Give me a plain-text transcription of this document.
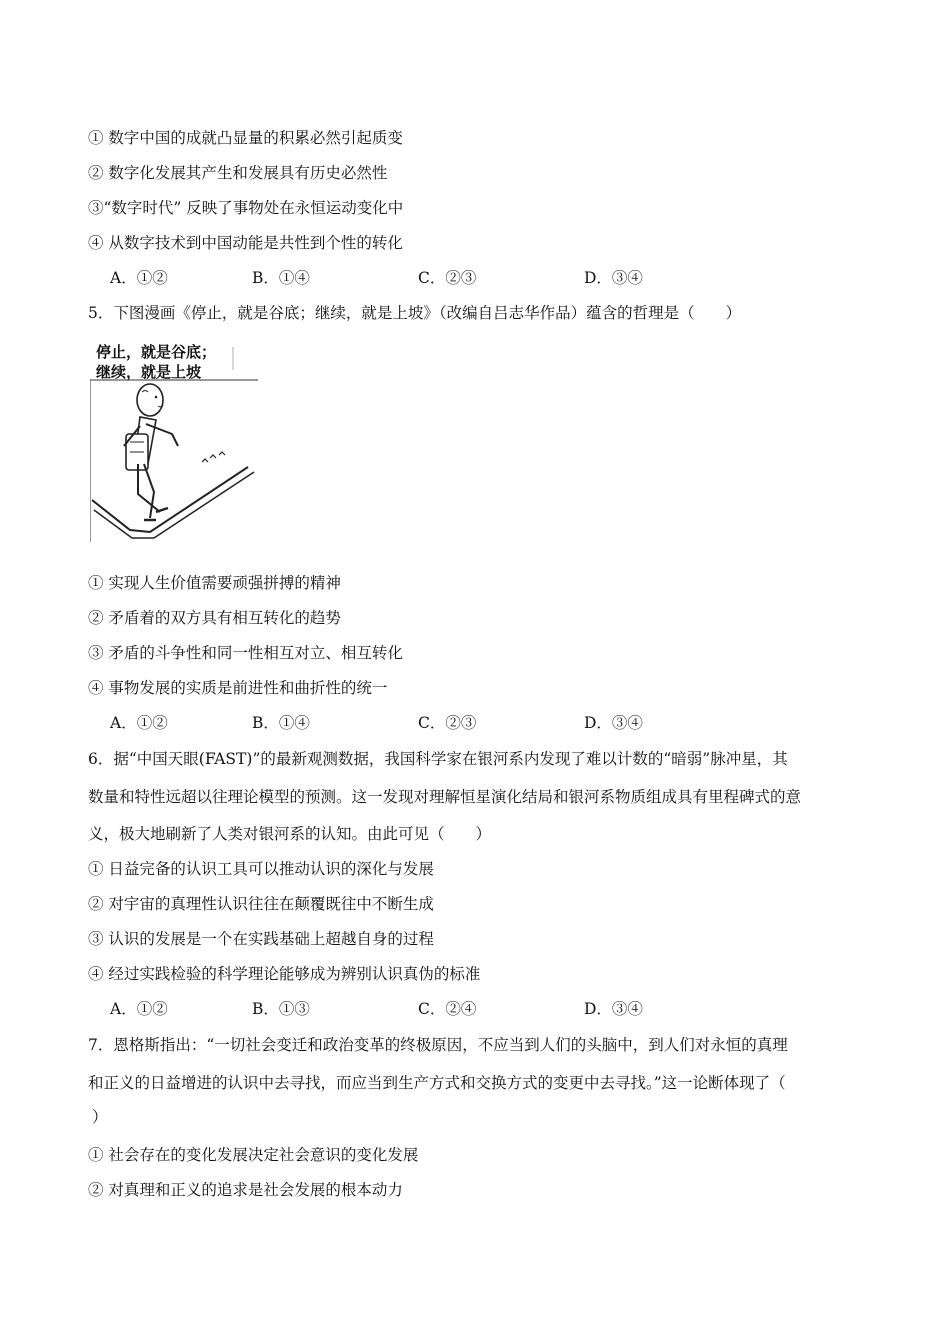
① 数字中国的成就凸显量的积累必然引起质变
② 数字化发展其产生和发展具有历史必然性
③“数字时代” 反映了事物处在永恒运动变化中
④ 从数字技术到中国动能是共性到个性的转化
A．①②	B．①④	C．②③	D．③④
5．下图漫画《停止，就是谷底；继续，就是上坡》（改编自吕志华作品）蕴含的哲理是（　　）
停止，就是谷底；
继续，就是上坡
① 实现人生价值需要顽强拼搏的精神
② 矛盾着的双方具有相互转化的趋势
③ 矛盾的斗争性和同一性相互对立、相互转化
④ 事物发展的实质是前进性和曲折性的统一
A．①②	B．①④	C．②③	D．③④
6．据“中国天眼(FAST)”的最新观测数据，我国科学家在银河系内发现了难以计数的“暗弱”脉冲星，其
数量和特性远超以往理论模型的预测。这一发现对理解恒星演化结局和银河系物质组成具有里程碑式的意
义，极大地刷新了人类对银河系的认知。由此可见（　　）
① 日益完备的认识工具可以推动认识的深化与发展
② 对宇宙的真理性认识往往在颠覆既往中不断生成
③ 认识的发展是一个在实践基础上超越自身的过程
④ 经过实践检验的科学理论能够成为辨别认识真伪的标准
A．①②	B．①③	C．②④	D．③④
7．恩格斯指出：“一切社会变迁和政治变革的终极原因，不应当到人们的头脑中，到人们对永恒的真理
和正义的日益增进的认识中去寻找，而应当到生产方式和交换方式的变更中去寻找。”这一论断体现了（
）
① 社会存在的变化发展决定社会意识的变化发展
② 对真理和正义的追求是社会发展的根本动力
